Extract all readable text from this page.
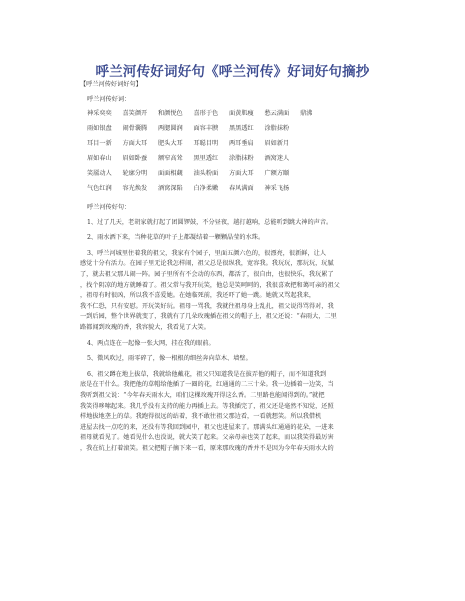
呼兰河传好词好句《呼兰河传》好词好句摘抄
【呼兰河传好词好句】
呼兰河传好词：
神采奕奕	喜笑颜开	和颜悦色	喜形于色	面黄肌瘦	愁云满面	鼎沸
雨如银盘	闹骨囊腾	两腮圆润	面容丰腴	黑黑透红	涂脂抹粉
耳目一新	方面大耳	肥头大耳	耳聪目明	两耳垂肩	眉如新月
眉如春山	眉如卧蚕	额窄高耸	黑里透红	涂脂抹粉	酒窝迷人
笑靥动人	轮廓分明	面面相觑	油头粉面	方面大耳	广额方颐
气色红润	容光焕发	酒窝深陷	白净柔嫩	春风满面	神采飞扬
呼兰河传好句：
1、过了几天，老胡家就打起了团圆锣鼓，不分昼夜，越打越响，总能听到跳大神的声音。
2、雨水洒下来，当种花草的叶子上都凝结着一颗颗晶莹的水珠。
3、呼兰河城里住着我的祖父，我家有个园子，里面五颜六色的，很漂亮，很新鲜，让人
感觉十分有活力。在园子里无论我怎样闹，祖父总是很纵我，宽容我。我玩玩，那玩玩，玩腻
了，就去祖父那儿闹一阵。园子里所有不会动的东西，都活了，很自由，也很快乐，我玩累了
，找个阴凉的地方就睡着了。祖父常与我开玩笑，他总是笑呵呵的，我很喜欢把和蔼可亲的祖父
，祖母有时很凶，所以我不喜爱她。在她临死前，我还吓了她一跳。她就又骂起我来，
我不仁恐，只有安慰。开玩笑好玩。祖母一骂我，我就往祖母身上乱扎，祖父说得骂得对，我
一到后园，整个世界就变了，我就有了几朵玫瑰插在祖父的帽子上，祖父还说：“春雨大，二里
路都闻到玫瑰的香，我容貌大，我看见了大笑。
4、两点连在一起像一张大网，挂在我的眼前。
5、微风吹过，雨零碎了，像一根根的细丝奔向草木、墙壁。
6、祖父蹲在地上拔草，我就给他戴花，祖父只知道我是在拔弄他的帽子，而不知道我到
底是在干什么。我把他的草帽给他插了一圈的花，红通通的二三十朵。我一边插着一边笑，当
我听到祖父说：“今年春天雨水大，咱们这棵玫瑰开得这么香。二里路也能闻得到的。”就把
我笑得哆嗦起来。我几乎没有支持的能力再插上去。等我插完了，祖父还是毫然不知觉，还照
样地拔地垄上的草。我跑得很远的站着，我不敢往祖父那边看，一看就想笑。所以我借机
进屋去找一点吃的来，还没有等我回到园中，祖父也进屋来了。那满头红通通的花朵，一进来
祖母就看见了。她看见什么也没说，就大笑了起来。父亲母亲也笑了起来，而以我笑得最厉害
，我在炕上打着滚笑。祖父把帽子摘下来一看，原来那玫瑰的香并不是因为今年春天雨水大的
